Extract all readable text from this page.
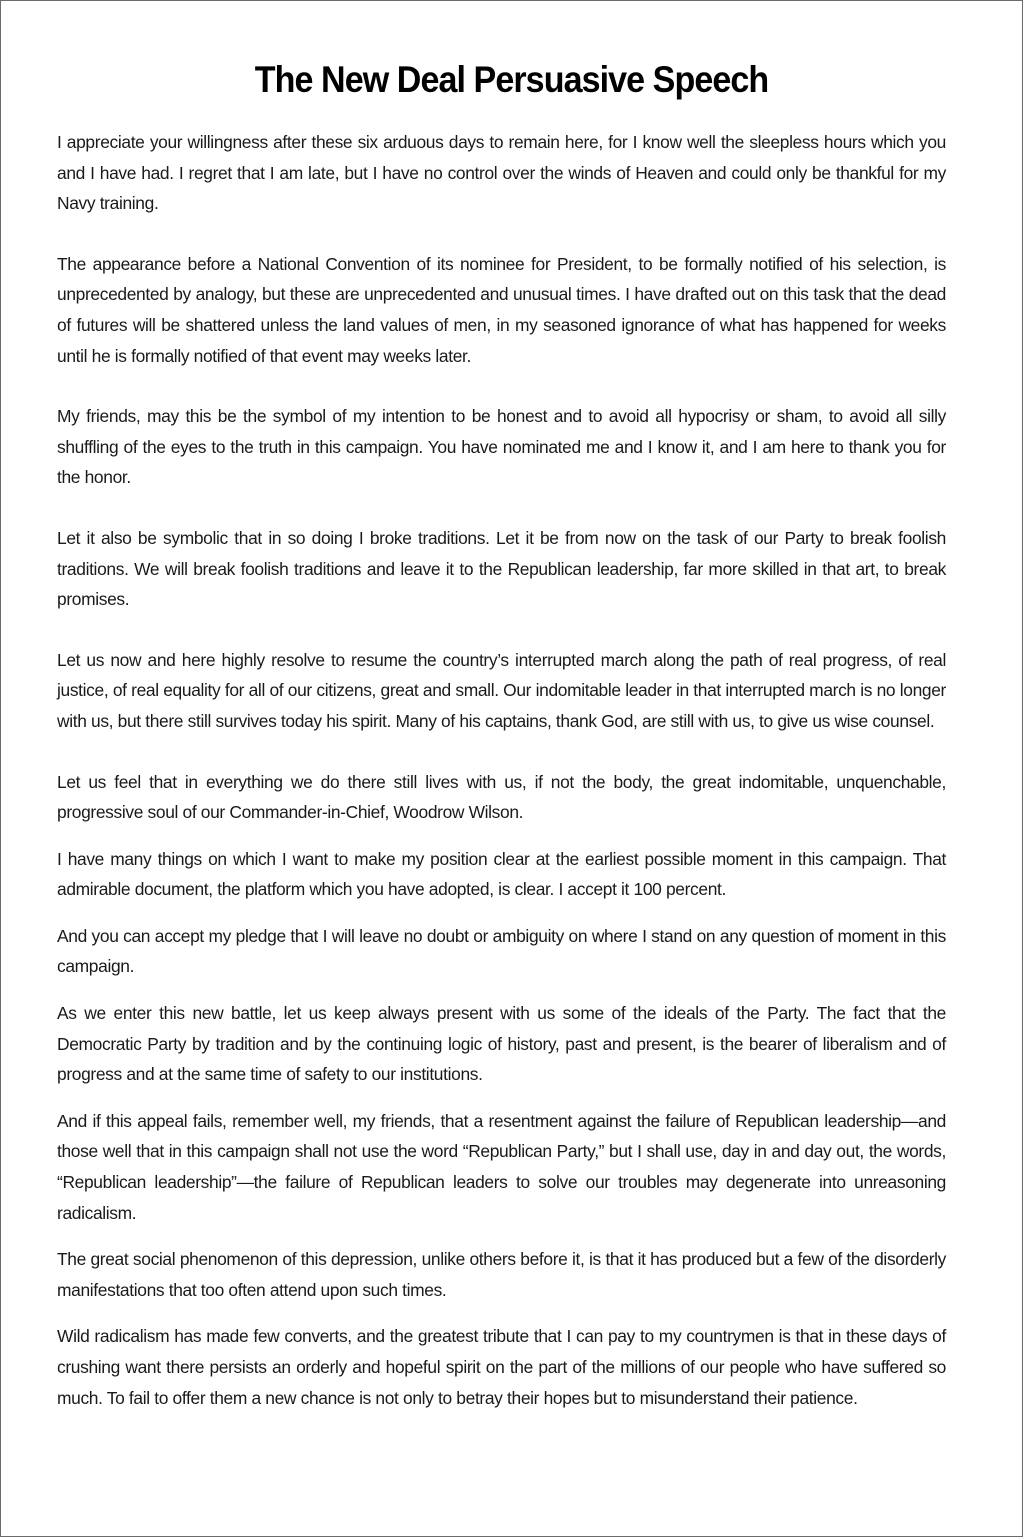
The New Deal Persuasive Speech

I appreciate your willingness after these six arduous days to remain here, for I know well the sleepless hours which you and I have had. I regret that I am late, but I have no control over the winds of Heaven and could only be thankful for my Navy training.

The appearance before a National Convention of its nominee for President, to be formally notified of his selection, is unprecedented by analogy, but these are unprecedented and unusual times. I have drafted out on this task that the dead of futures will be shattered unless the land values of men, in my seasoned ignorance of what has happened for weeks until he is formally notified of that event may weeks later.

My friends, may this be the symbol of my intention to be honest and to avoid all hypocrisy or sham, to avoid all silly shuffling of the eyes to the truth in this campaign. You have nominated me and I know it, and I am here to thank you for the honor.

Let it also be symbolic that in so doing I broke traditions. Let it be from now on the task of our Party to break foolish traditions. We will break foolish traditions and leave it to the Republican leadership, far more skilled in that art, to break promises.

Let us now and here highly resolve to resume the country’s interrupted march along the path of real progress, of real justice, of real equality for all of our citizens, great and small. Our indomitable leader in that interrupted march is no longer with us, but there still survives today his spirit. Many of his captains, thank God, are still with us, to give us wise counsel.

Let us feel that in everything we do there still lives with us, if not the body, the great indomitable, unquenchable, progressive soul of our Commander-in-Chief, Woodrow Wilson.

I have many things on which I want to make my position clear at the earliest possible moment in this campaign. That admirable document, the platform which you have adopted, is clear. I accept it 100 percent.

And you can accept my pledge that I will leave no doubt or ambiguity on where I stand on any question of moment in this campaign.

As we enter this new battle, let us keep always present with us some of the ideals of the Party. The fact that the Democratic Party by tradition and by the continuing logic of history, past and present, is the bearer of liberalism and of progress and at the same time of safety to our institutions.

And if this appeal fails, remember well, my friends, that a resentment against the failure of Republican leadership—and those well that in this campaign shall not use the word “Republican Party,” but I shall use, day in and day out, the words, “Republican leadership”—the failure of Republican leaders to solve our troubles may degenerate into unreasoning radicalism.

The great social phenomenon of this depression, unlike others before it, is that it has produced but a few of the disorderly manifestations that too often attend upon such times.

Wild radicalism has made few converts, and the greatest tribute that I can pay to my countrymen is that in these days of crushing want there persists an orderly and hopeful spirit on the part of the millions of our people who have suffered so much. To fail to offer them a new chance is not only to betray their hopes but to misunderstand their patience.
